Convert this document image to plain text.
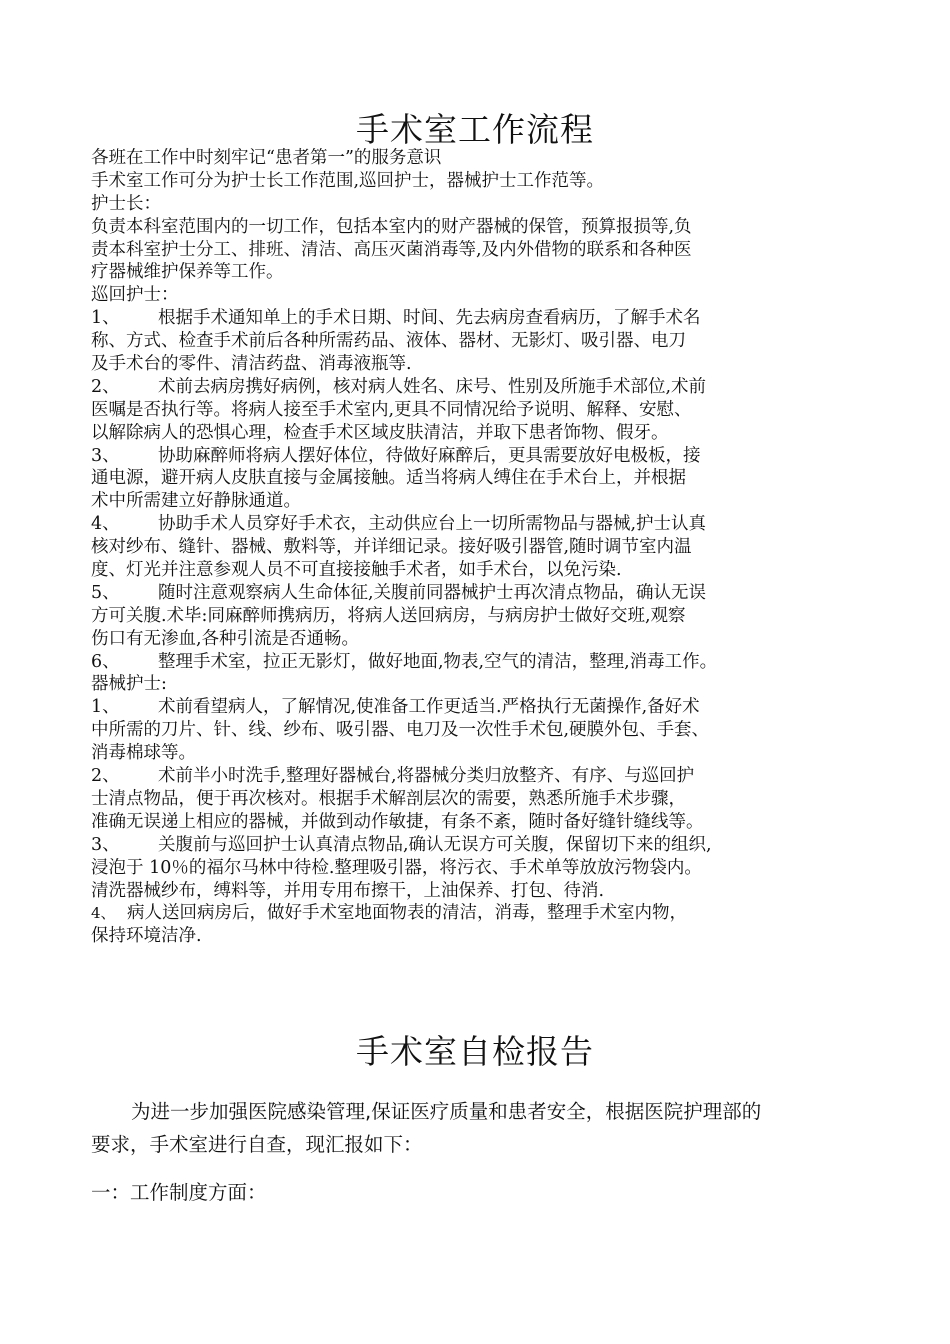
手术室工作流程
各班在工作中时刻牢记“患者第一”的服务意识
手术室工作可分为护士长工作范围,巡回护士，器械护士工作范等。
护士长：
负责本科室范围内的一切工作，包括本室内的财产器械的保管，预算报损等,负
责本科室护士分工、排班、清洁、高压灭菌消毒等,及内外借物的联系和各种医
疗器械维护保养等工作。
巡回护士：
1、 根据手术通知单上的手术日期、时间、先去病房查看病历，了解手术名
称、方式、检查手术前后各种所需药品、液体、器材、无影灯、吸引器、电刀
及手术台的零件、清洁药盘、消毒液瓶等.
2、 术前去病房携好病例，核对病人姓名、床号、性别及所施手术部位,术前
医嘱是否执行等。将病人接至手术室内,更具不同情况给予说明、解释、安慰、
以解除病人的恐惧心理，检查手术区域皮肤清洁，并取下患者饰物、假牙。
3、 协助麻醉师将病人摆好体位，待做好麻醉后，更具需要放好电极板，接
通电源，避开病人皮肤直接与金属接触。适当将病人缚住在手术台上，并根据
术中所需建立好静脉通道。
4、 协助手术人员穿好手术衣，主动供应台上一切所需物品与器械,护士认真
核对纱布、缝针、器械、敷料等，并详细记录。接好吸引器管,随时调节室内温
度、灯光并注意参观人员不可直接接触手术者，如手术台，以免污染.
5、 随时注意观察病人生命体征,关腹前同器械护士再次清点物品，确认无误
方可关腹.术毕:同麻醉师携病历，将病人送回病房，与病房护士做好交班,观察
伤口有无渗血,各种引流是否通畅。
6、 整理手术室，拉正无影灯，做好地面,物表,空气的清洁，整理,消毒工作。
器械护士:
1、 术前看望病人，了解情况,使准备工作更适当.严格执行无菌操作,备好术
中所需的刀片、针、线、纱布、吸引器、电刀及一次性手术包,硬膜外包、手套、
消毒棉球等。
2、 术前半小时洗手,整理好器械台,将器械分类归放整齐、有序、与巡回护
士清点物品，便于再次核对。根据手术解剖层次的需要，熟悉所施手术步骤，
准确无误递上相应的器械，并做到动作敏捷，有条不紊，随时备好缝针缝线等。
3、 关腹前与巡回护士认真清点物品,确认无误方可关腹，保留切下来的组织,
浸泡于 10％的福尔马林中待检.整理吸引器，将污衣、手术单等放放污物袋内。
清洗器械纱布，缚料等，并用专用布擦干，上油保养、打包、待消.
4、 病人送回病房后，做好手术室地面物表的清洁，消毒，整理手术室内物，
保持环境洁净.
手术室自检报告
为进一步加强医院感染管理,保证医疗质量和患者安全，根据医院护理部的
要求，手术室进行自查，现汇报如下：
一：工作制度方面：
